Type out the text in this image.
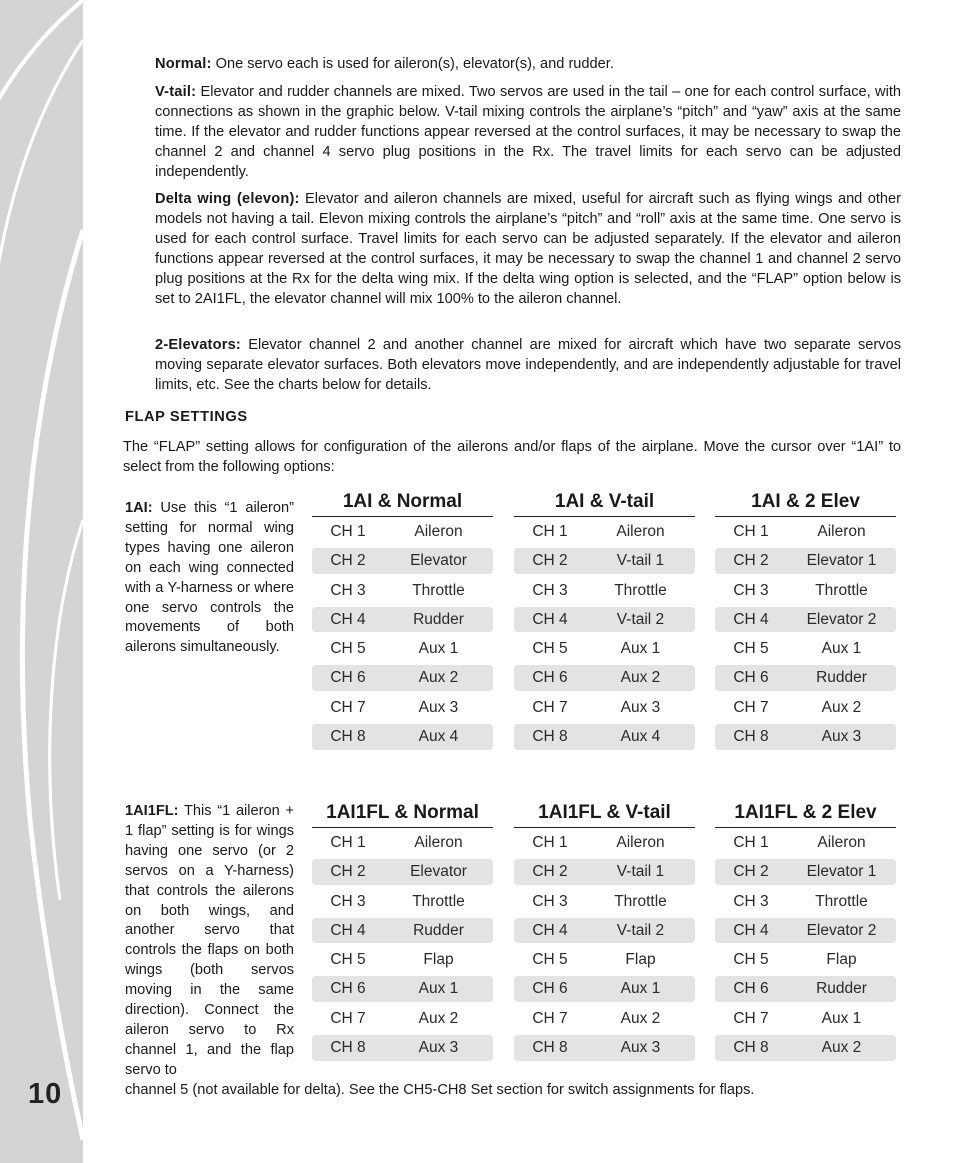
10

Normal: One servo each is used for aileron(s), elevator(s), and rudder.

V-tail: Elevator and rudder channels are mixed. Two servos are used in the tail – one for each control surface, with connections as shown in the graphic below. V-tail mixing controls the airplane’s “pitch” and “yaw” axis at the same time. If the elevator and rudder functions appear reversed at the control surfaces, it may be necessary to swap the channel 2 and channel 4 servo plug positions in the Rx. The travel limits for each servo can be adjusted independently.

Delta wing (elevon): Elevator and aileron channels are mixed, useful for aircraft such as flying wings and other models not having a tail. Elevon mixing controls the airplane’s “pitch” and “roll” axis at the same time. One servo is used for each control surface. Travel limits for each servo can be adjusted separately. If the elevator and aileron functions appear reversed at the control surfaces, it may be necessary to swap the channel 1 and channel 2 servo plug positions at the Rx for the delta wing mix. If the delta wing option is selected, and the “FLAP” option below is set to 2AI1FL, the elevator channel will mix 100% to the aileron channel.

2-Elevators: Elevator channel 2 and another channel are mixed for aircraft which have two separate servos moving separate elevator surfaces. Both elevators move independently, and are independently adjustable for travel limits, etc. See the charts below for details.

FLAP SETTINGS

The “FLAP” setting allows for configuration of the ailerons and/or flaps of the airplane. Move the cursor over “1AI” to select from the following options:

1AI: Use this “1 aileron” setting for normal wing types having one aileron on each wing connected with a Y-harness or where one servo controls the movements of both ailerons simultaneously.

1AI1FL: This “1 aileron + 1 flap” setting is for wings having one servo (or 2 servos on a Y-harness) that controls the ailerons on both wings, and another servo that controls the flaps on both wings (both servos moving in the same direction). Connect the aileron servo to Rx channel 1, and the flap servo to

1AI & Normal
CH 1	Aileron
CH 2	Elevator
CH 3	Throttle
CH 4	Rudder
CH 5	Aux 1
CH 6	Aux 2
CH 7	Aux 3
CH 8	Aux 4
1AI & V-tail
CH 1	Aileron
CH 2	V-tail 1
CH 3	Throttle
CH 4	V-tail 2
CH 5	Aux 1
CH 6	Aux 2
CH 7	Aux 3
CH 8	Aux 4
1AI & 2 Elev
CH 1	Aileron
CH 2	Elevator 1
CH 3	Throttle
CH 4	Elevator 2
CH 5	Aux 1
CH 6	Rudder
CH 7	Aux 2
CH 8	Aux 3
1AI1FL & Normal
CH 1	Aileron
CH 2	Elevator
CH 3	Throttle
CH 4	Rudder
CH 5	Flap
CH 6	Aux 1
CH 7	Aux 2
CH 8	Aux 3
1AI1FL & V-tail
CH 1	Aileron
CH 2	V-tail 1
CH 3	Throttle
CH 4	V-tail 2
CH 5	Flap
CH 6	Aux 1
CH 7	Aux 2
CH 8	Aux 3
1AI1FL & 2 Elev
CH 1	Aileron
CH 2	Elevator 1
CH 3	Throttle
CH 4	Elevator 2
CH 5	Flap
CH 6	Rudder
CH 7	Aux 1
CH 8	Aux 2

channel 5 (not available for delta). See the CH5-CH8 Set section for switch assignments for flaps.
